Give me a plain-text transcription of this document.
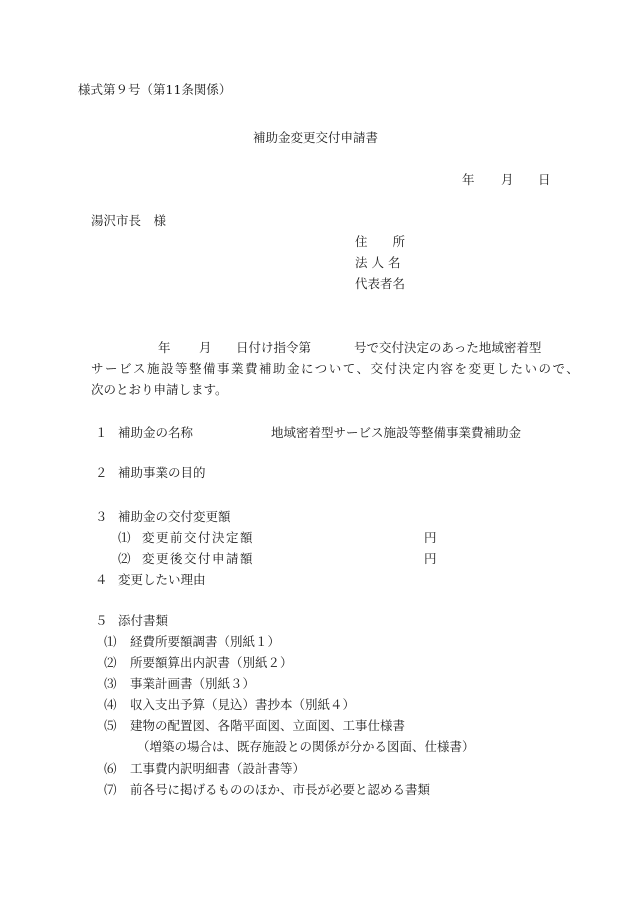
様式第９号（第11条関係）
補助金変更交付申請書
年 月 日
湯沢市長　様
住　　所
法 人 名
代表者名
年 月 日付け指令第	号で交付決定のあった地域密着型
サービス施設等整備事業費補助金について、交付決定内容を変更したいので、
次のとおり申請します。
１ 補助金の名称	地域密着型サービス施設等整備事業費補助金
２ 補助事業の目的
３ 補助金の交付変更額
⑴ 変更前交付決定額	円
⑵ 変更後交付申請額	円
４ 変更したい理由
５ 添付書類
⑴ 経費所要額調書（別紙１）
⑵ 所要額算出内訳書（別紙２）
⑶ 事業計画書（別紙３）
⑷ 収入支出予算（見込）書抄本（別紙４）
⑸ 建物の配置図、各階平面図、立面図、工事仕様書
（増築の場合は、既存施設との関係が分かる図面、仕様書）
⑹ 工事費内訳明細書（設計書等）
⑺ 前各号に掲げるもののほか、市長が必要と認める書類
